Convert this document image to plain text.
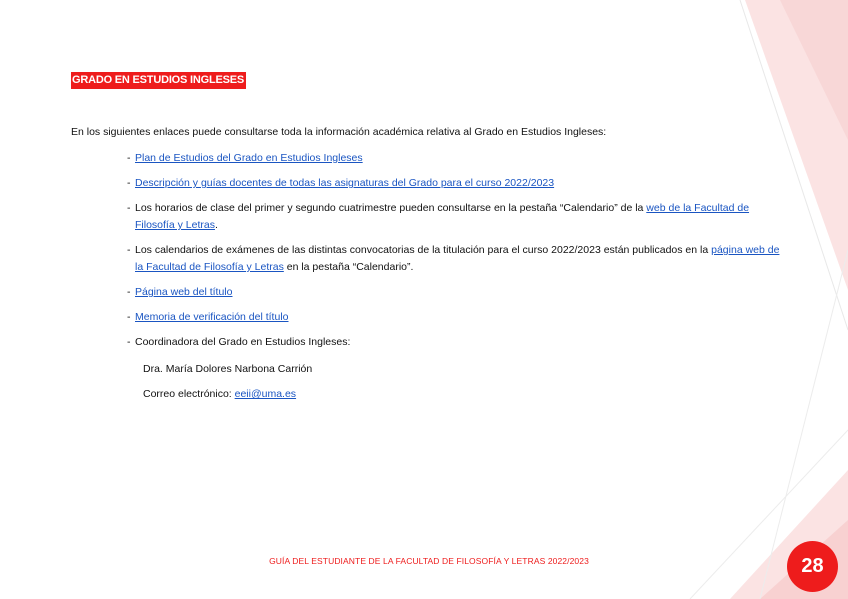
GRADO EN ESTUDIOS INGLESES
En los siguientes enlaces puede consultarse toda la información académica relativa al Grado en Estudios Ingleses:
- Plan de Estudios del Grado en Estudios Ingleses
- Descripción y guías docentes de todas las asignaturas del Grado para el curso 2022/2023
- Los horarios de clase del primer y segundo cuatrimestre pueden consultarse en la pestaña “Calendario” de la web de la Facultad de Filosofía y Letras.
- Los calendarios de exámenes de las distintas convocatorias de la titulación para el curso 2022/2023 están publicados en la página web de la Facultad de Filosofía y Letras en la pestaña “Calendario”.
- Página web del título
- Memoria de verificación del título
- Coordinadora del Grado en Estudios Ingleses:
Dra. María Dolores Narbona Carrión
Correo electrónico: eeii@uma.es
GUÍA DEL ESTUDIANTE DE LA FACULTAD DE FILOSOFÍA Y LETRAS 2022/2023	28
